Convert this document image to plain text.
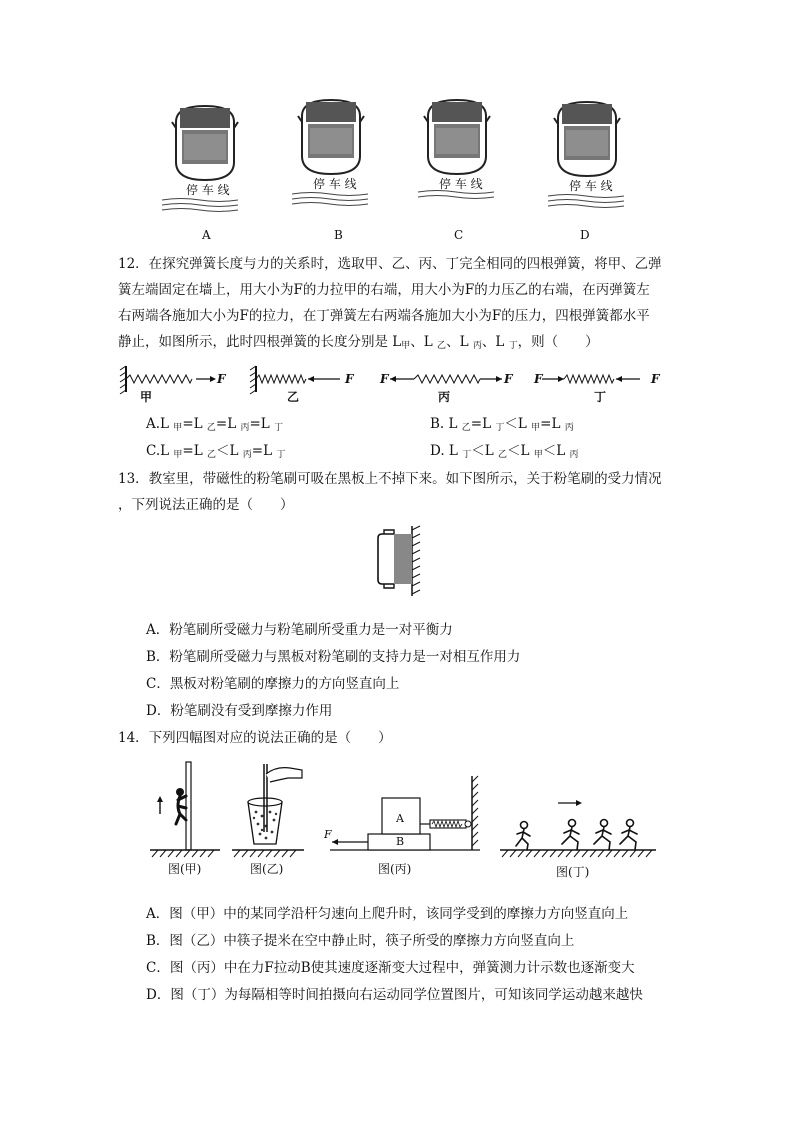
停 车 线	停 车 线	停 车 线	停 车 线
A	B	C	D
12．在探究弹簧长度与力的关系时，选取甲、乙、丙、丁完全相同的四根弹簧，将甲、乙弹
簧左端固定在墙上，用大小为F的力拉甲的右端，用大小为F的力压乙的右端，在丙弹簧左
右两端各施加大小为F的拉力，在丁弹簧左右两端各施加大小为F的压力，四根弹簧都水平
静止，如图所示，此时四根弹簧的长度分别是 $L_甲$、L $_乙$、L $_丙$、L $_丁$，则（　　）
F	F F	F F	F
甲	乙	丙	丁
A.L $_甲$=L $_乙$=L $_丙$=L $_丁$	B. L $_乙$=L $_丁$＜L $_甲$=L $_丙$
C.L $_甲$=L $_乙$＜L $_丙$=L $_丁$	D. L $_丁$＜L $_乙$＜L $_甲$＜L $_丙$
13．教室里，带磁性的粉笔刷可吸在黑板上不掉下来。如下图所示，关于粉笔刷的受力情况
，下列说法正确的是（　　）
A．粉笔刷所受磁力与粉笔刷所受重力是一对平衡力
B．粉笔刷所受磁力与黑板对粉笔刷的支持力是一对相互作用力
C．黑板对粉笔刷的摩擦力的方向竖直向上
D．粉笔刷没有受到摩擦力作用
14．下列四幅图对应的说法正确的是（　　）
图(甲)	图(乙)
A
B
F
图(丙)	图(丁)
A．图（甲）中的某同学沿杆匀速向上爬升时，该同学受到的摩擦力方向竖直向上
B．图（乙）中筷子提米在空中静止时，筷子所受的摩擦力方向竖直向上
C．图（丙）中在力F拉动B使其速度逐渐变大过程中，弹簧测力计示数也逐渐变大
D．图（丁）为每隔相等时间拍摄向右运动同学位置图片，可知该同学运动越来越快
